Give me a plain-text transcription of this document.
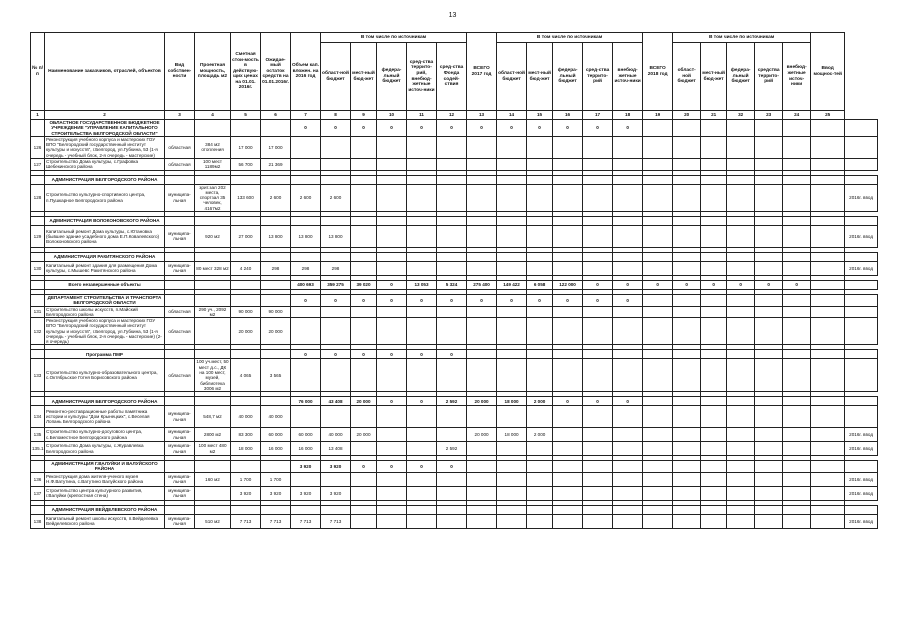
13
№ п/п	Наименование заказчиков, отраслей, объектов	Вид собствен-ности	Проектная мощность, площадь м2	Сметная стои-мость в действую-щих ценах на 01.01. 2016г.	Ожидае-мый остаток средств на 01.01.2016г.	Объем кап. вложен. на 2016 год	В том числе по источникам					ВСЕГО 2017 год	В том числе по источникам					ВСЕГО 2018 год	В том числе по источникам					Ввод мощнос-тей	
							област-ной бюджет	мест-ный бюд-жет	федера-льный бюджет	сред-ства террито-рий, внебюд-жетные источ-ники	сред-ства Фонда содей-ствия		област-ной бюджет	мест-ный бюд-жет	федера-льный бюджет	сред-ства террито-рий	внебюд-жетные источ-ники		област-ной бюджет	мест-ный бюд-жет	федера-льный бюджет	средства террито-рий	внебюд-жетные источ-ники		
1	2	3	4	5	6	7	8	9	10	11	12	13	14	15	16	17	18	19	20	21	32	23	24	25	
	ОБЛАСТНОЕ ГОСУДАРСТВЕННОЕ БЮДЖЕТНОЕ УЧРЕЖДЕНИЕ "УПРАВЛЕНИЕ КАПИТАЛЬНОГО СТРОИТЕЛЬСТВА БЕЛГОРОДСКОЙ ОБЛАСТИ"					0	0	0	0	0	0	0	0	0	0	0	0								
126	Реконструкция учебного корпуса и мастерских ГОУ ВПО "Белгородский государственный институт культуры и искусств", г.Белгород, ул.Губкина, 53 (1-я очередь - учебный блок, 2-я очередь - мастерские)	областная	384 м2 отопления	17 000	17 000																				
127	Строительство Дома культуры, с.Графовка Шебекинского района	областная	100 мест 1189м2	56 700	21 369																				

	АДМИНИСТРАЦИЯ БЕЛГОРОДСКОГО РАЙОНА																								
128	Строительство культурно-спортивного центра, п.Пушкарное Белгородского района	муниципа-льная	зрит.зал 202 места, спортзал 35 человек, 4167м2	133 600	2 600	2 600	2 600																		2016г. ввод

	АДМИНИСТРАЦИЯ ВОЛОКОНОВСКОГО РАЙОНА																								
129	Капитальный ремонт Дома культуры, с.Ютановка (бывшее здание усадебного дома Е.П.Ковалевского) Волоконовского района	муниципа-льная	920 м2	27 000	13 800	13 800	13 800																		2016г. ввод

	АДМИНИСТРАЦИЯ РАКИТЯНСКОГО РАЙОНА																								
130	Капитальный ремонт здания для размещения Дома культуры, с.Мышевс Ракитянского района	муниципа-льная	80 мест 328 м2	4 240	298	298	298																		2016г. ввод

	Всего незавершенные объекты					400 693	359 275	39 020	0	13 053	5 324	275 400	149 422	6 058	122 000	0	0	0	0	0	0	0	0		

	ДЕПАРТАМЕНТ СТРОИТЕЛЬСТВА И ТРАНСПОРТА БЕЛГОРОДСКОЙ ОБЛАСТИ					0	0	0	0	0	0	0	0	0	0	0	0								
131	Строительство школы искусств, п.Майский Белгородского района	областная	290 уч., 2092 м2	90 000	90 000																				
132	Реконструкция учебного корпуса и мастерских ГОУ ВПО "Белгородский государственный институт культуры и искусств", г.Белгород, ул.Губкина, 53 (1-я очередь - учебный блок, 2-я очередь - мастерские) (2-я очередь)	областная		20 000	20 000																				

	Программа ПМР					0	0	0	0	0	0														
133	Строительство культурно-образовательного центра, с.Октябрьское Готня Борисовского района	областная	100 уч.мест, 50 мест д.с., ДК на 100 мест, музей, библиотека 3006 м2	4 065	3 565																				

	АДМИНИСТРАЦИЯ БЕЛГОРОДСКОГО РАЙОНА					76 000	43 408	20 000	0	0	2 592	20 000	18 000	2 000	0	0	0								
134	Ремонтно-реставрационные работы памятника истории и культуры "Дом Крынецких", с.Веселая Лопань Белгородского района	муниципа-льная	548,7 м2	40 000	40 000																				
135	Строительство культурно-досугового центра, с.Беломестное Белгородского района	муниципа-льная	2800 м2	83 300	60 000	60 000	40 000	20 000				20 000	18 000	2 000											2016г. ввод
135.1	Строительство Дома культуры, с.Журавлевка Белгородского района	муниципа-льная	100 мест 480 м2	18 000	16 000	16 000	13 408				2 592														2016г. ввод

	АДМИНИСТРАЦИЯ Г.ВАЛУЙКИ И ВАЛУЙСКОГО РАЙОНА					3 920	3 920	0	0	0	0														
136	Реконструкция дома жителя-ученого музея Н.Ф.Ватутина, с.Ватутино Валуйского района	муниципа-льная	160 м2	1 700	1 700																				2016г. ввод
137	Строительство центра культурного развития, г.Валуйки (крепостная стена)	муниципа-льная		3 920	3 920	3 920	3 920																		2016г. ввод

	АДМИНИСТРАЦИЯ ВЕЙДЕЛЕВСКОГО РАЙОНА																								
138	Капитальный ремонт школы искусств, п.Вейделевка Вейделевского района	муниципа-льная	510 м2	7 713	7 713	7 713	7 713																		2016г. ввод
